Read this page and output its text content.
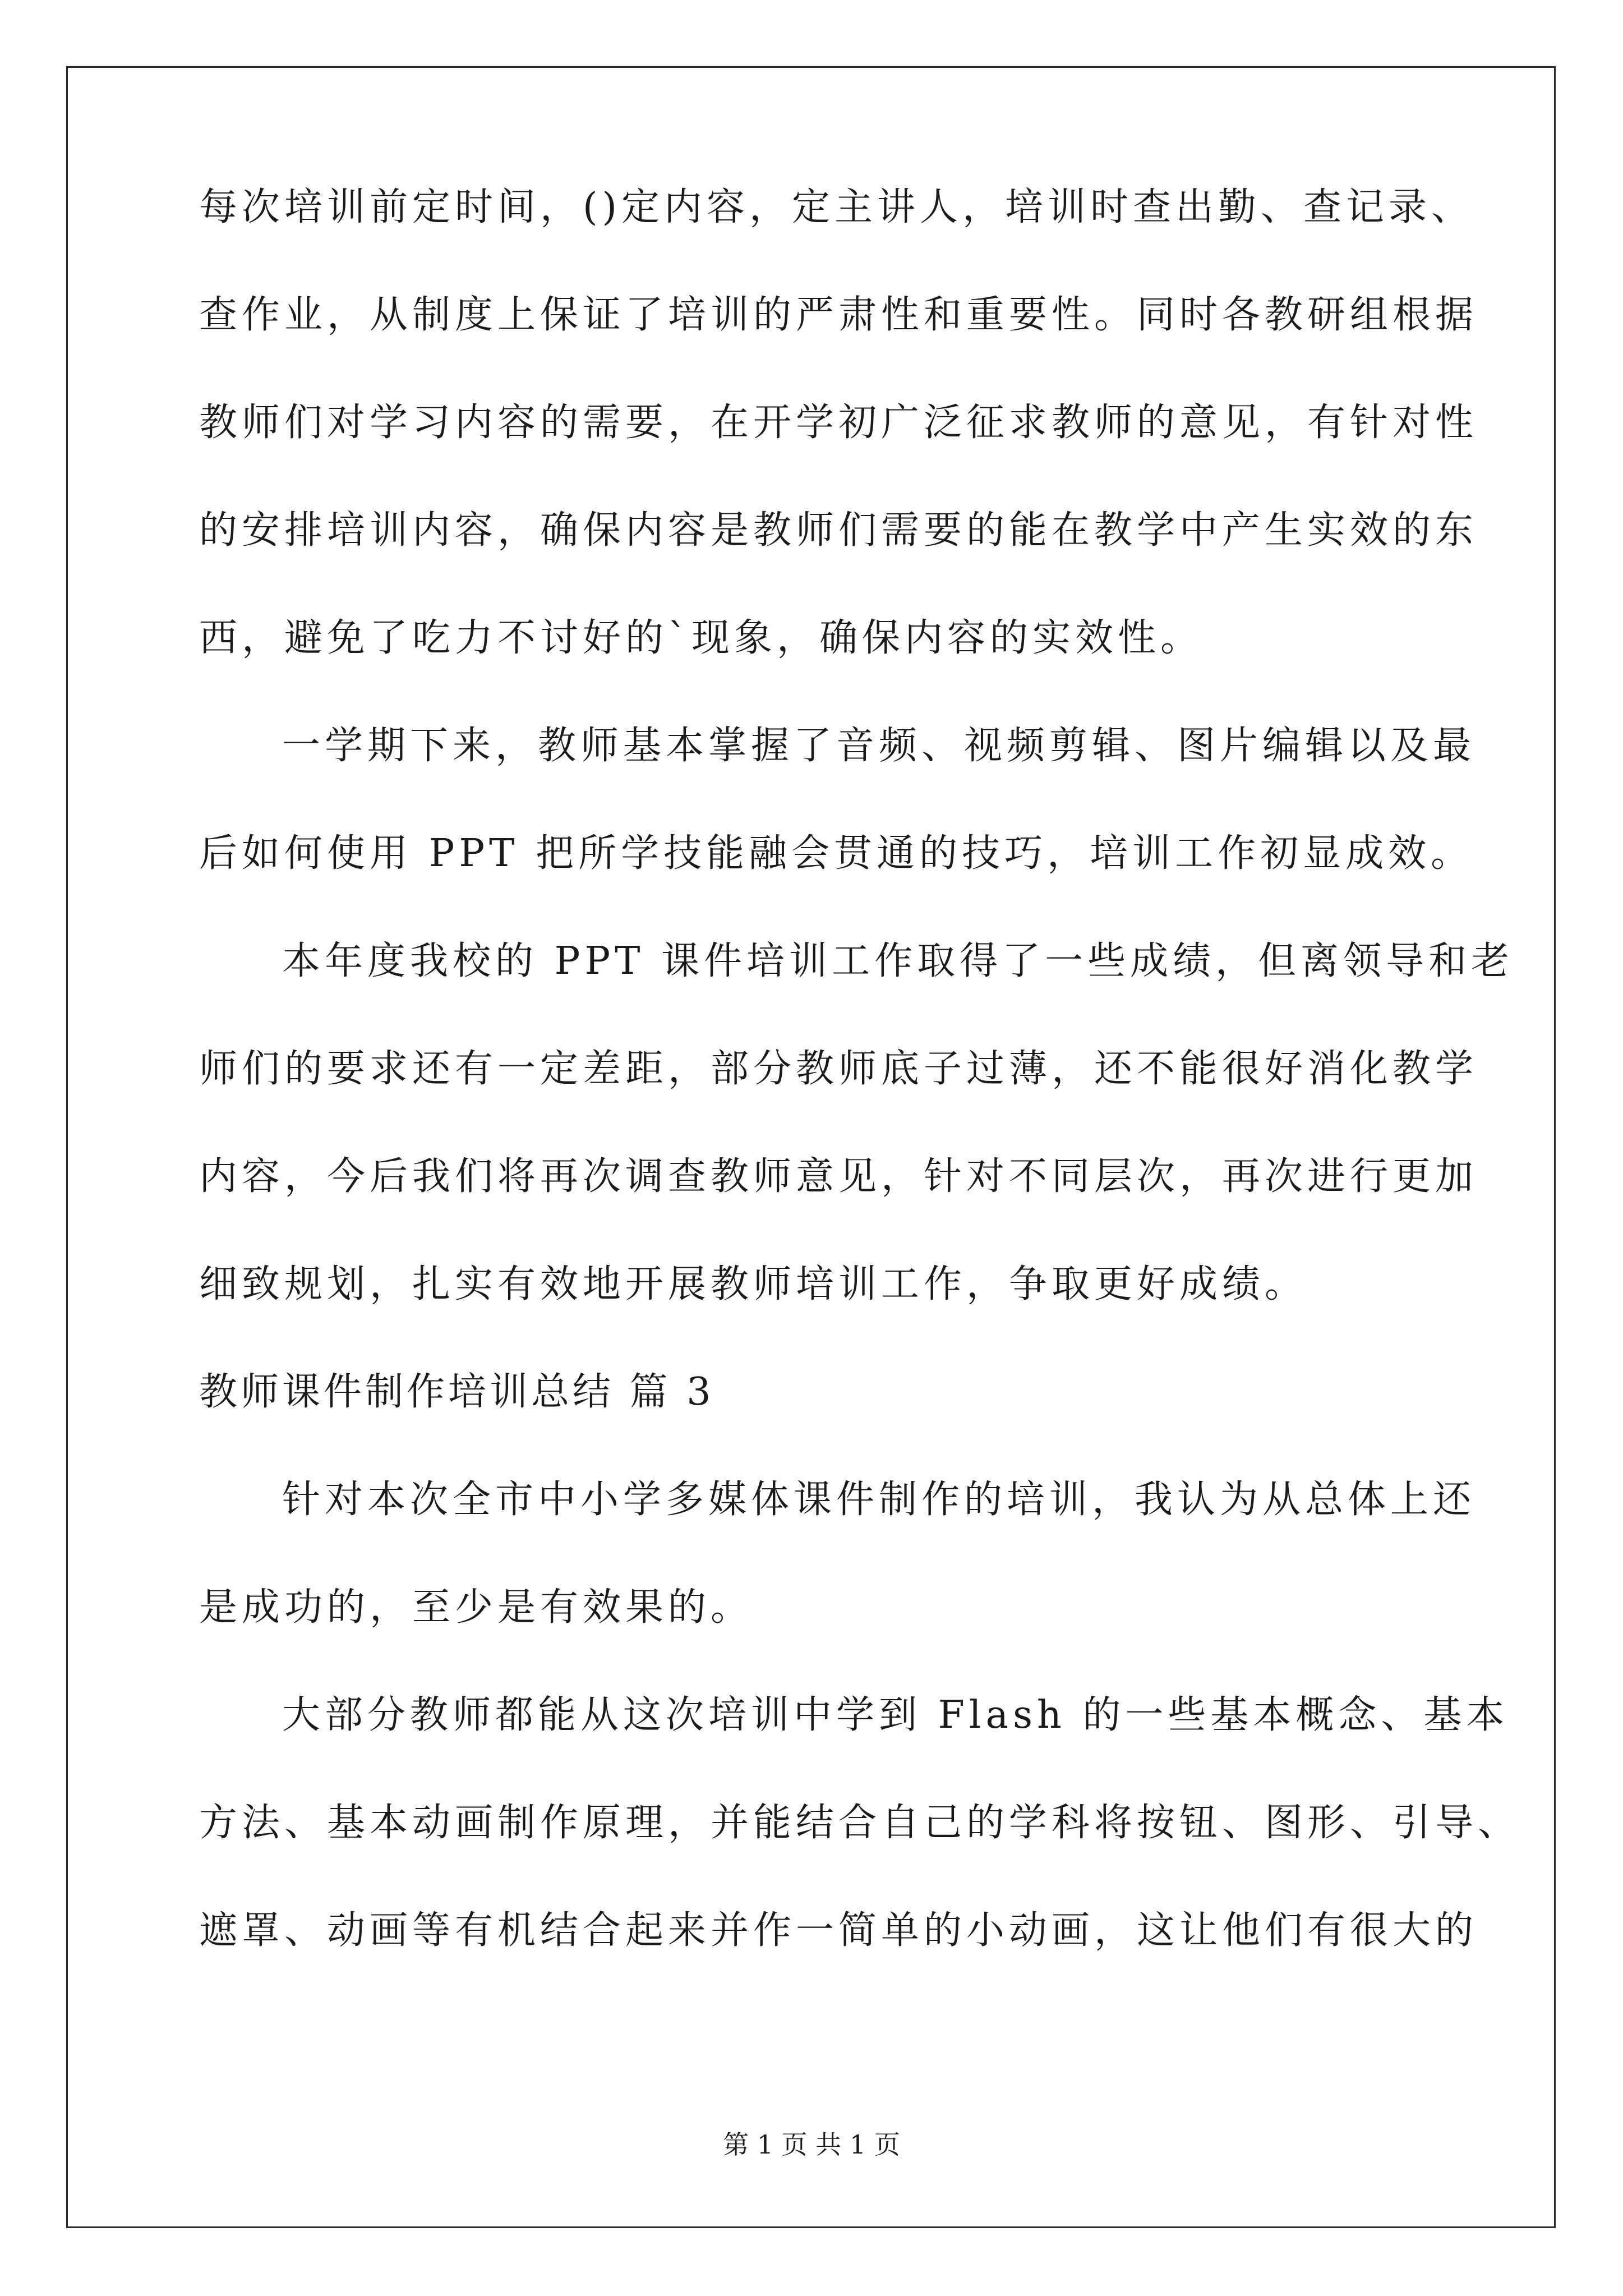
每次培训前定时间，()定内容，定主讲人，培训时查出勤、查记录、
查作业，从制度上保证了培训的严肃性和重要性。同时各教研组根据
教师们对学习内容的需要，在开学初广泛征求教师的意见，有针对性
的安排培训内容，确保内容是教师们需要的能在教学中产生实效的东
西，避免了吃力不讨好的`现象，确保内容的实效性。
一学期下来，教师基本掌握了音频、视频剪辑、图片编辑以及最
后如何使用 PPT 把所学技能融会贯通的技巧，培训工作初显成效。
本年度我校的 PPT 课件培训工作取得了一些成绩，但离领导和老
师们的要求还有一定差距，部分教师底子过薄，还不能很好消化教学
内容，今后我们将再次调查教师意见，针对不同层次，再次进行更加
细致规划，扎实有效地开展教师培训工作，争取更好成绩。
教师课件制作培训总结 篇 3
针对本次全市中小学多媒体课件制作的培训，我认为从总体上还
是成功的，至少是有效果的。
大部分教师都能从这次培训中学到 Flash 的一些基本概念、基本
方法、基本动画制作原理，并能结合自己的学科将按钮、图形、引导、
遮罩、动画等有机结合起来并作一简单的小动画，这让他们有很大的
第 1 页 共 1 页
